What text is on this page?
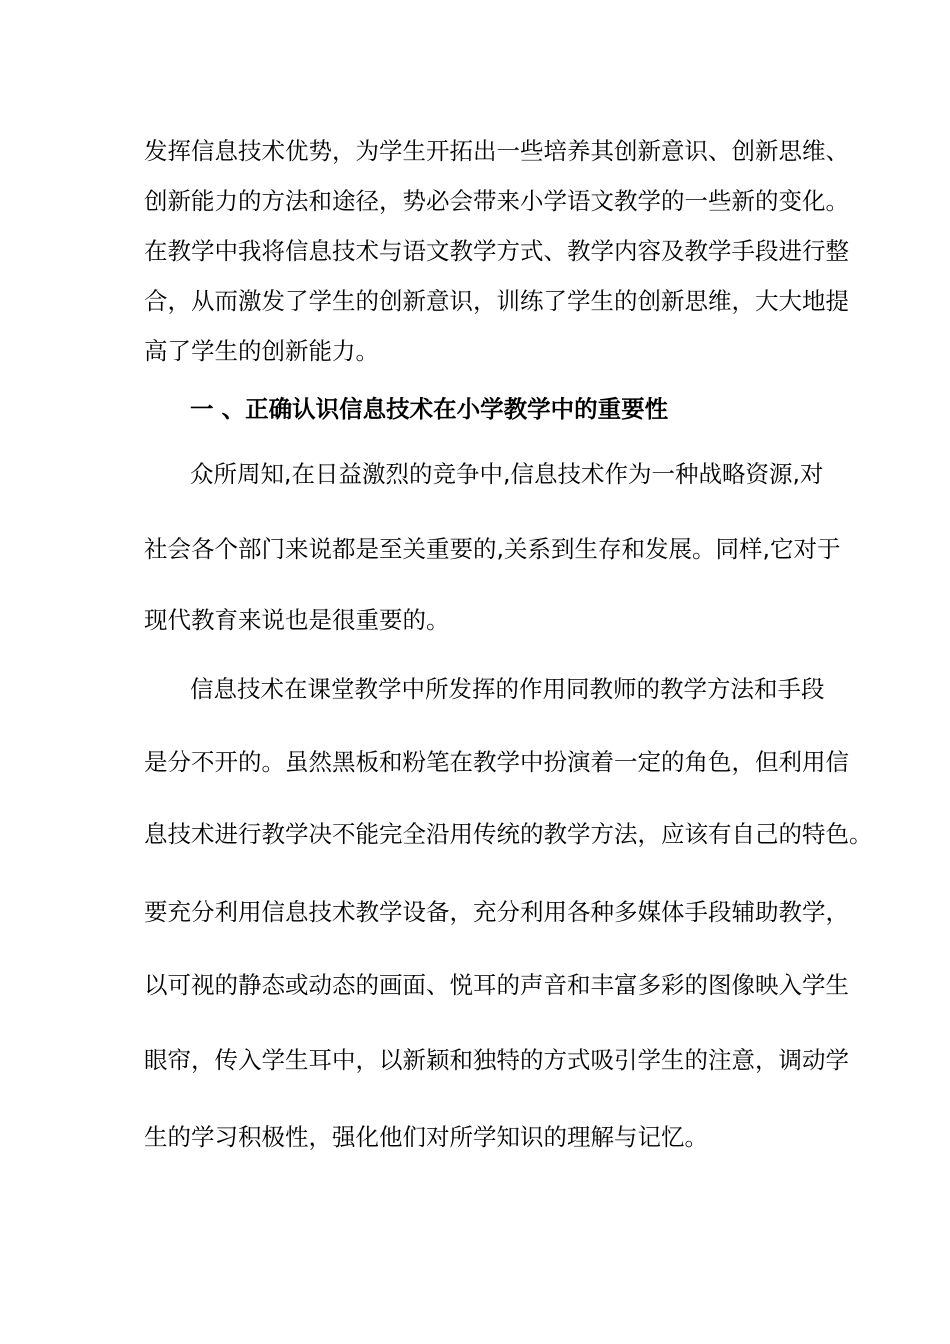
发挥信息技术优势，为学生开拓出一些培养其创新意识、创新思维、
创新能力的方法和途径，势必会带来小学语文教学的一些新的变化。
在教学中我将信息技术与语文教学方式、教学内容及教学手段进行整
合，从而激发了学生的创新意识，训练了学生的创新思维，大大地提
高了学生的创新能力。
一 、正确认识信息技术在小学教学中的重要性
众所周知,在日益激烈的竞争中,信息技术作为一种战略资源,对
社会各个部门来说都是至关重要的,关系到生存和发展。同样,它对于
现代教育来说也是很重要的。
信息技术在课堂教学中所发挥的作用同教师的教学方法和手段
是分不开的。虽然黑板和粉笔在教学中扮演着一定的角色，但利用信
息技术进行教学决不能完全沿用传统的教学方法，应该有自己的特色。
要充分利用信息技术教学设备，充分利用各种多媒体手段辅助教学，
以可视的静态或动态的画面、悦耳的声音和丰富多彩的图像映入学生
眼帘，传入学生耳中，以新颖和独特的方式吸引学生的注意，调动学
生的学习积极性，强化他们对所学知识的理解与记忆。
